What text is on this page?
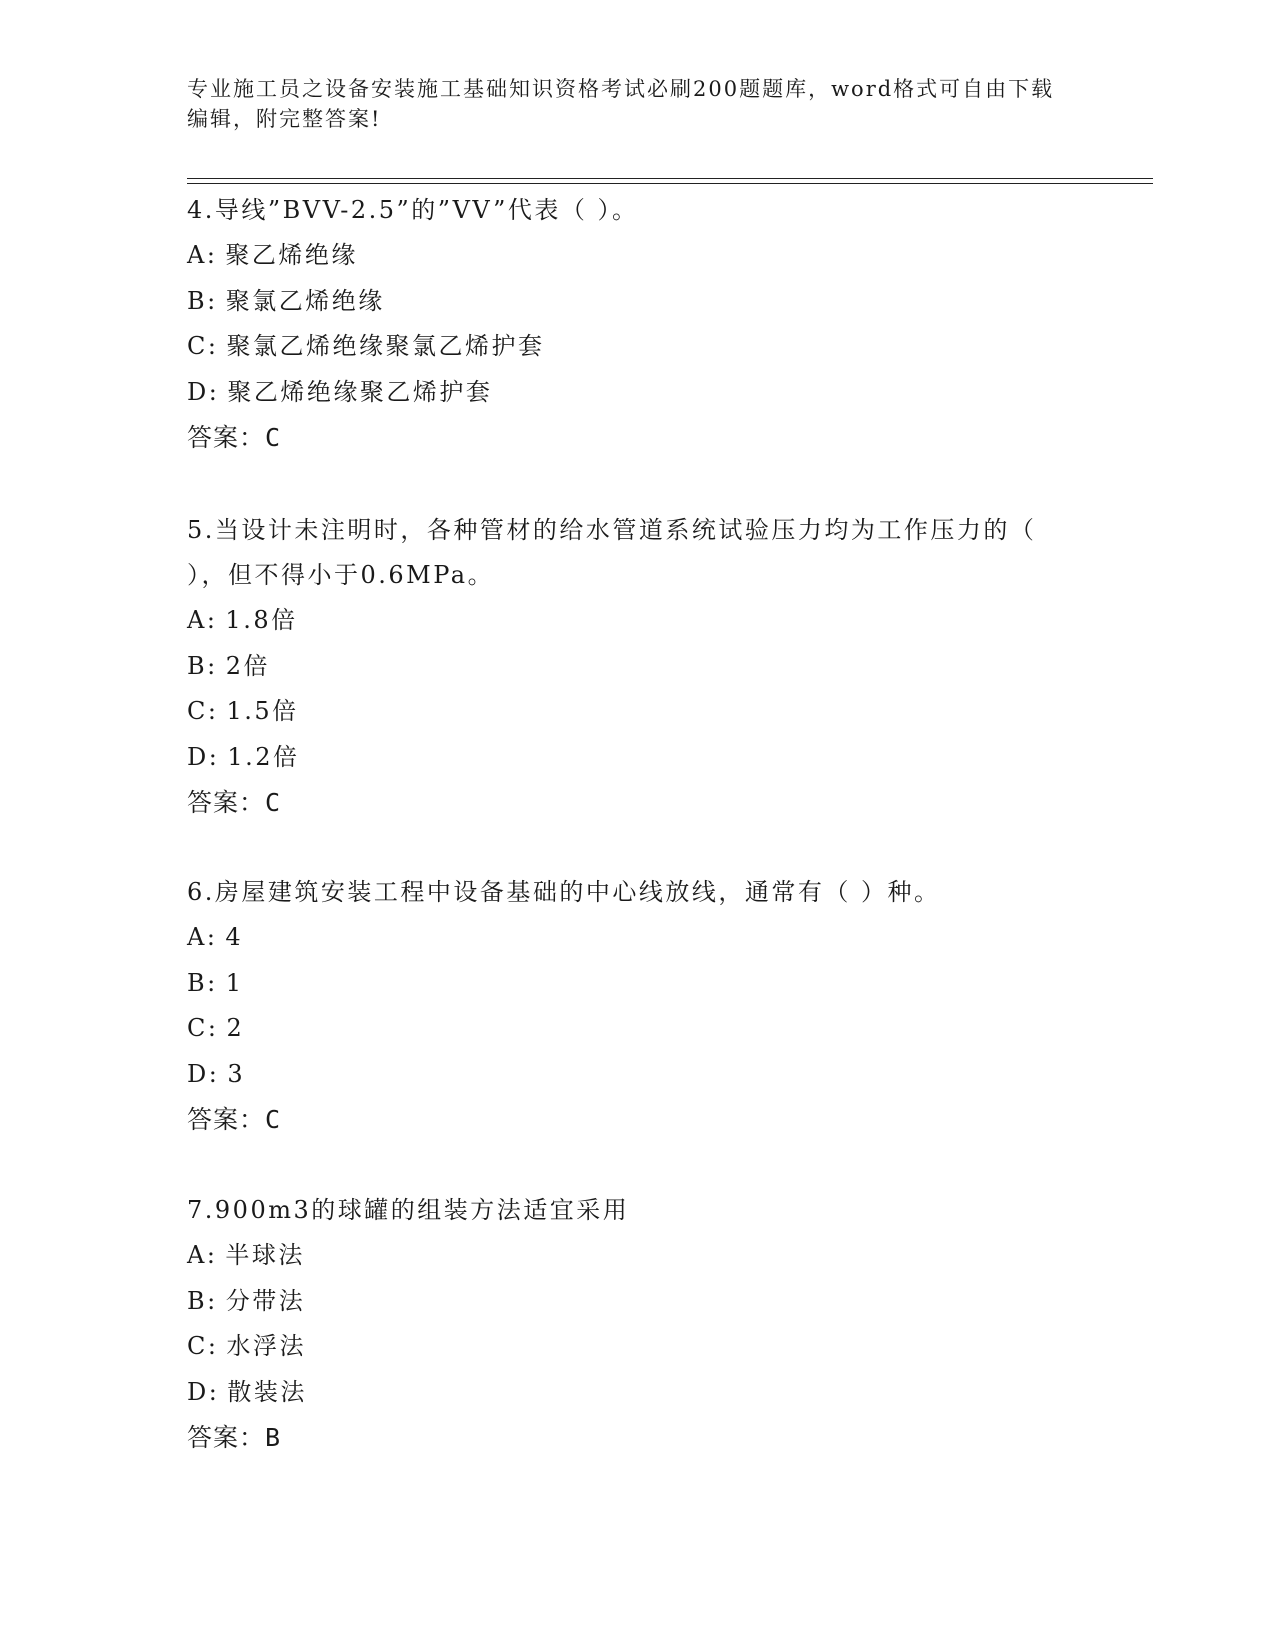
专业施工员之设备安装施工基础知识资格考试必刷200题题库，word格式可自由下载编辑，附完整答案!

4.导线”BVV-2.5”的”VV”代表（ ）。

A: 聚乙烯绝缘

B: 聚氯乙烯绝缘

C: 聚氯乙烯绝缘聚氯乙烯护套

D: 聚乙烯绝缘聚乙烯护套

答案：C

5.当设计未注明时，各种管材的给水管道系统试验压力均为工作压力的（ ），但不得小于0.6MPa。

A: 1.8倍

B: 2倍

C: 1.5倍

D: 1.2倍

答案：C

6.房屋建筑安装工程中设备基础的中心线放线，通常有（ ）种。

A: 4

B: 1

C: 2

D: 3

答案：C

7.900m3的球罐的组装方法适宜采用

A: 半球法

B: 分带法

C: 水浮法

D: 散装法

答案：B
